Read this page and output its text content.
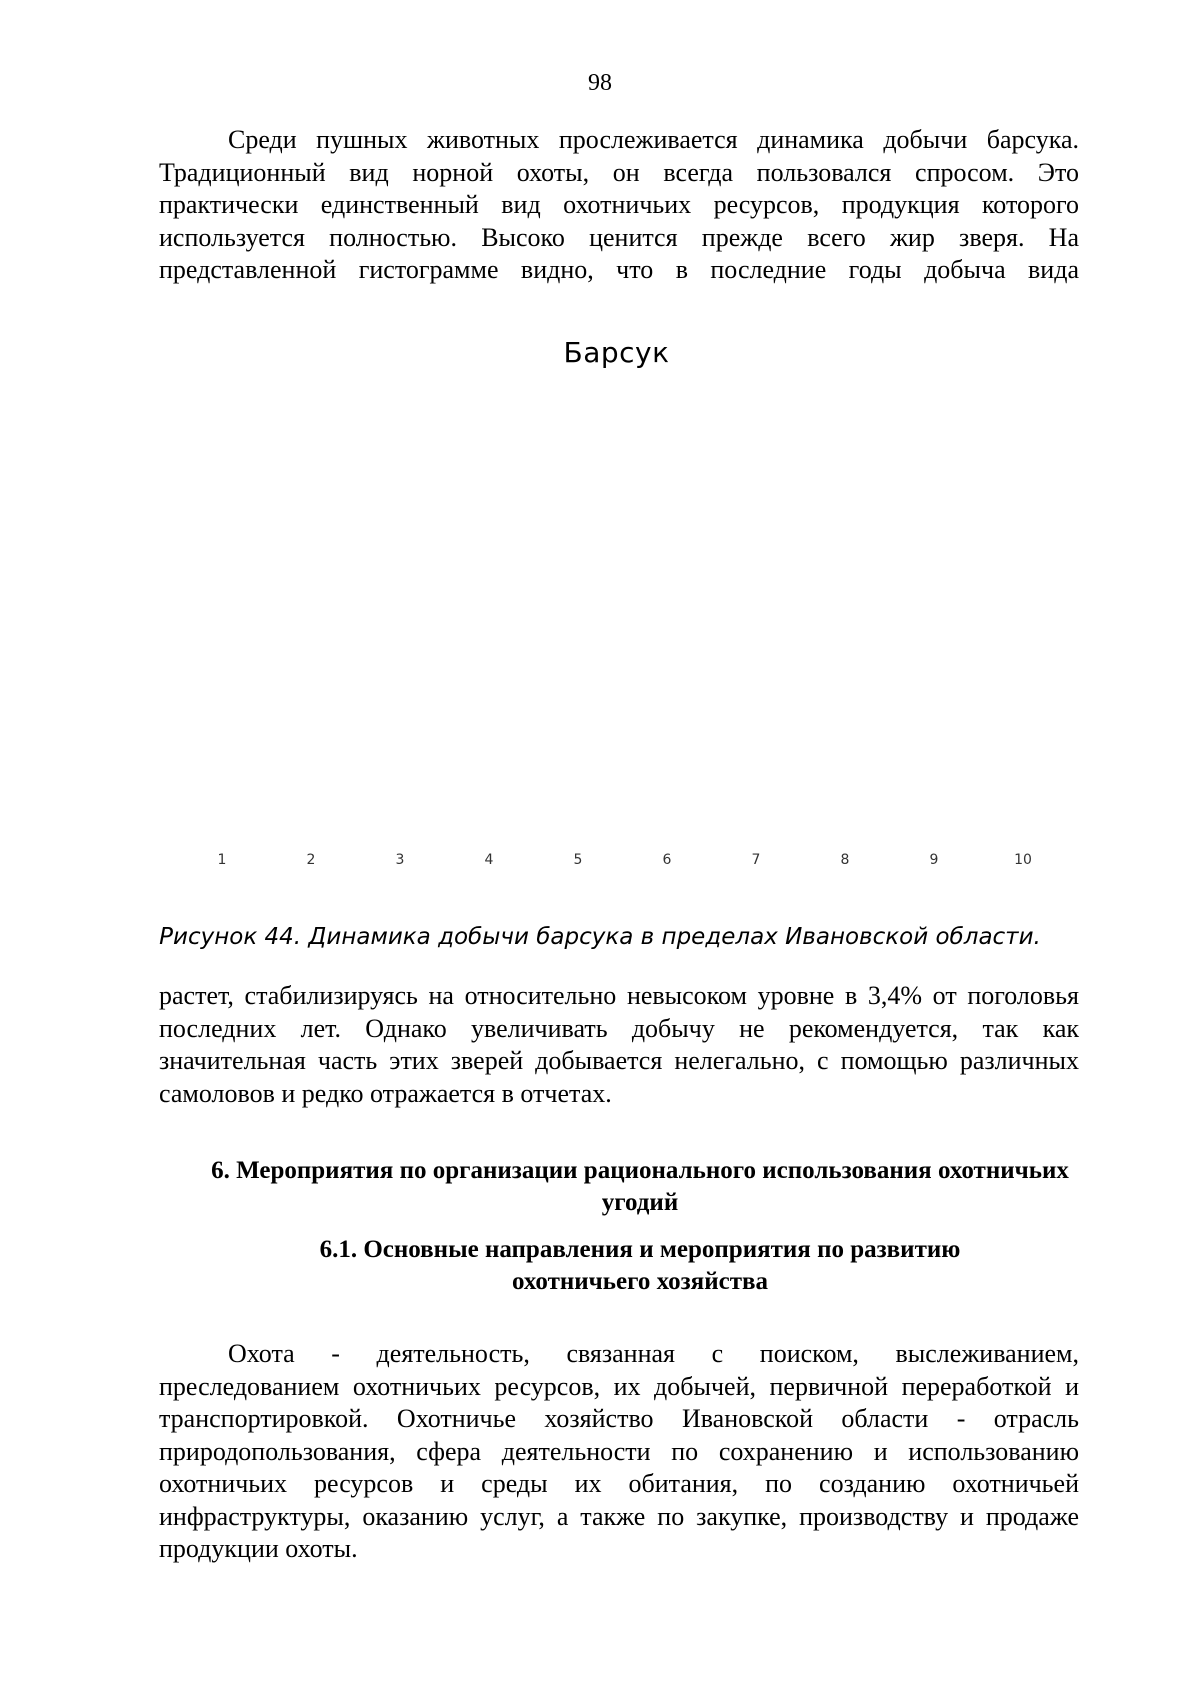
98

Среди пушных животных прослеживается динамика добычи барсука. Традиционный вид норной охоты, он всегда пользовался спросом. Это практически единственный вид охотничьих ресурсов, продукция которого используется полностью. Высоко ценится прежде всего жир зверя. На представленной гистограмме видно, что в последние годы добыча вида

Барсук
1	2	3	4	5	6	7	8	9	10
Рисунок 44. Динамика добычи барсука в пределах Ивановской области.

растет, стабилизируясь на относительно невысоком уровне в 3,4% от поголовья последних лет. Однако увеличивать добычу не рекомендуется, так как значительная часть этих зверей добывается нелегально, с помощью различных самоловов и редко отражается в отчетах.

6. Мероприятия по организации рационального использования охотничьих угодий

6.1. Основные направления и мероприятия по развитию охотничьего хозяйства

Охота - деятельность, связанная с поиском, выслеживанием, преследованием охотничьих ресурсов, их добычей, первичной переработкой и транспортировкой. Охотничье хозяйство Ивановской области - отрасль природопользования, сфера деятельности по сохранению и использованию охотничьих ресурсов и среды их обитания, по созданию охотничьей инфраструктуры, оказанию услуг, а также по закупке, производству и продаже продукции охоты.
